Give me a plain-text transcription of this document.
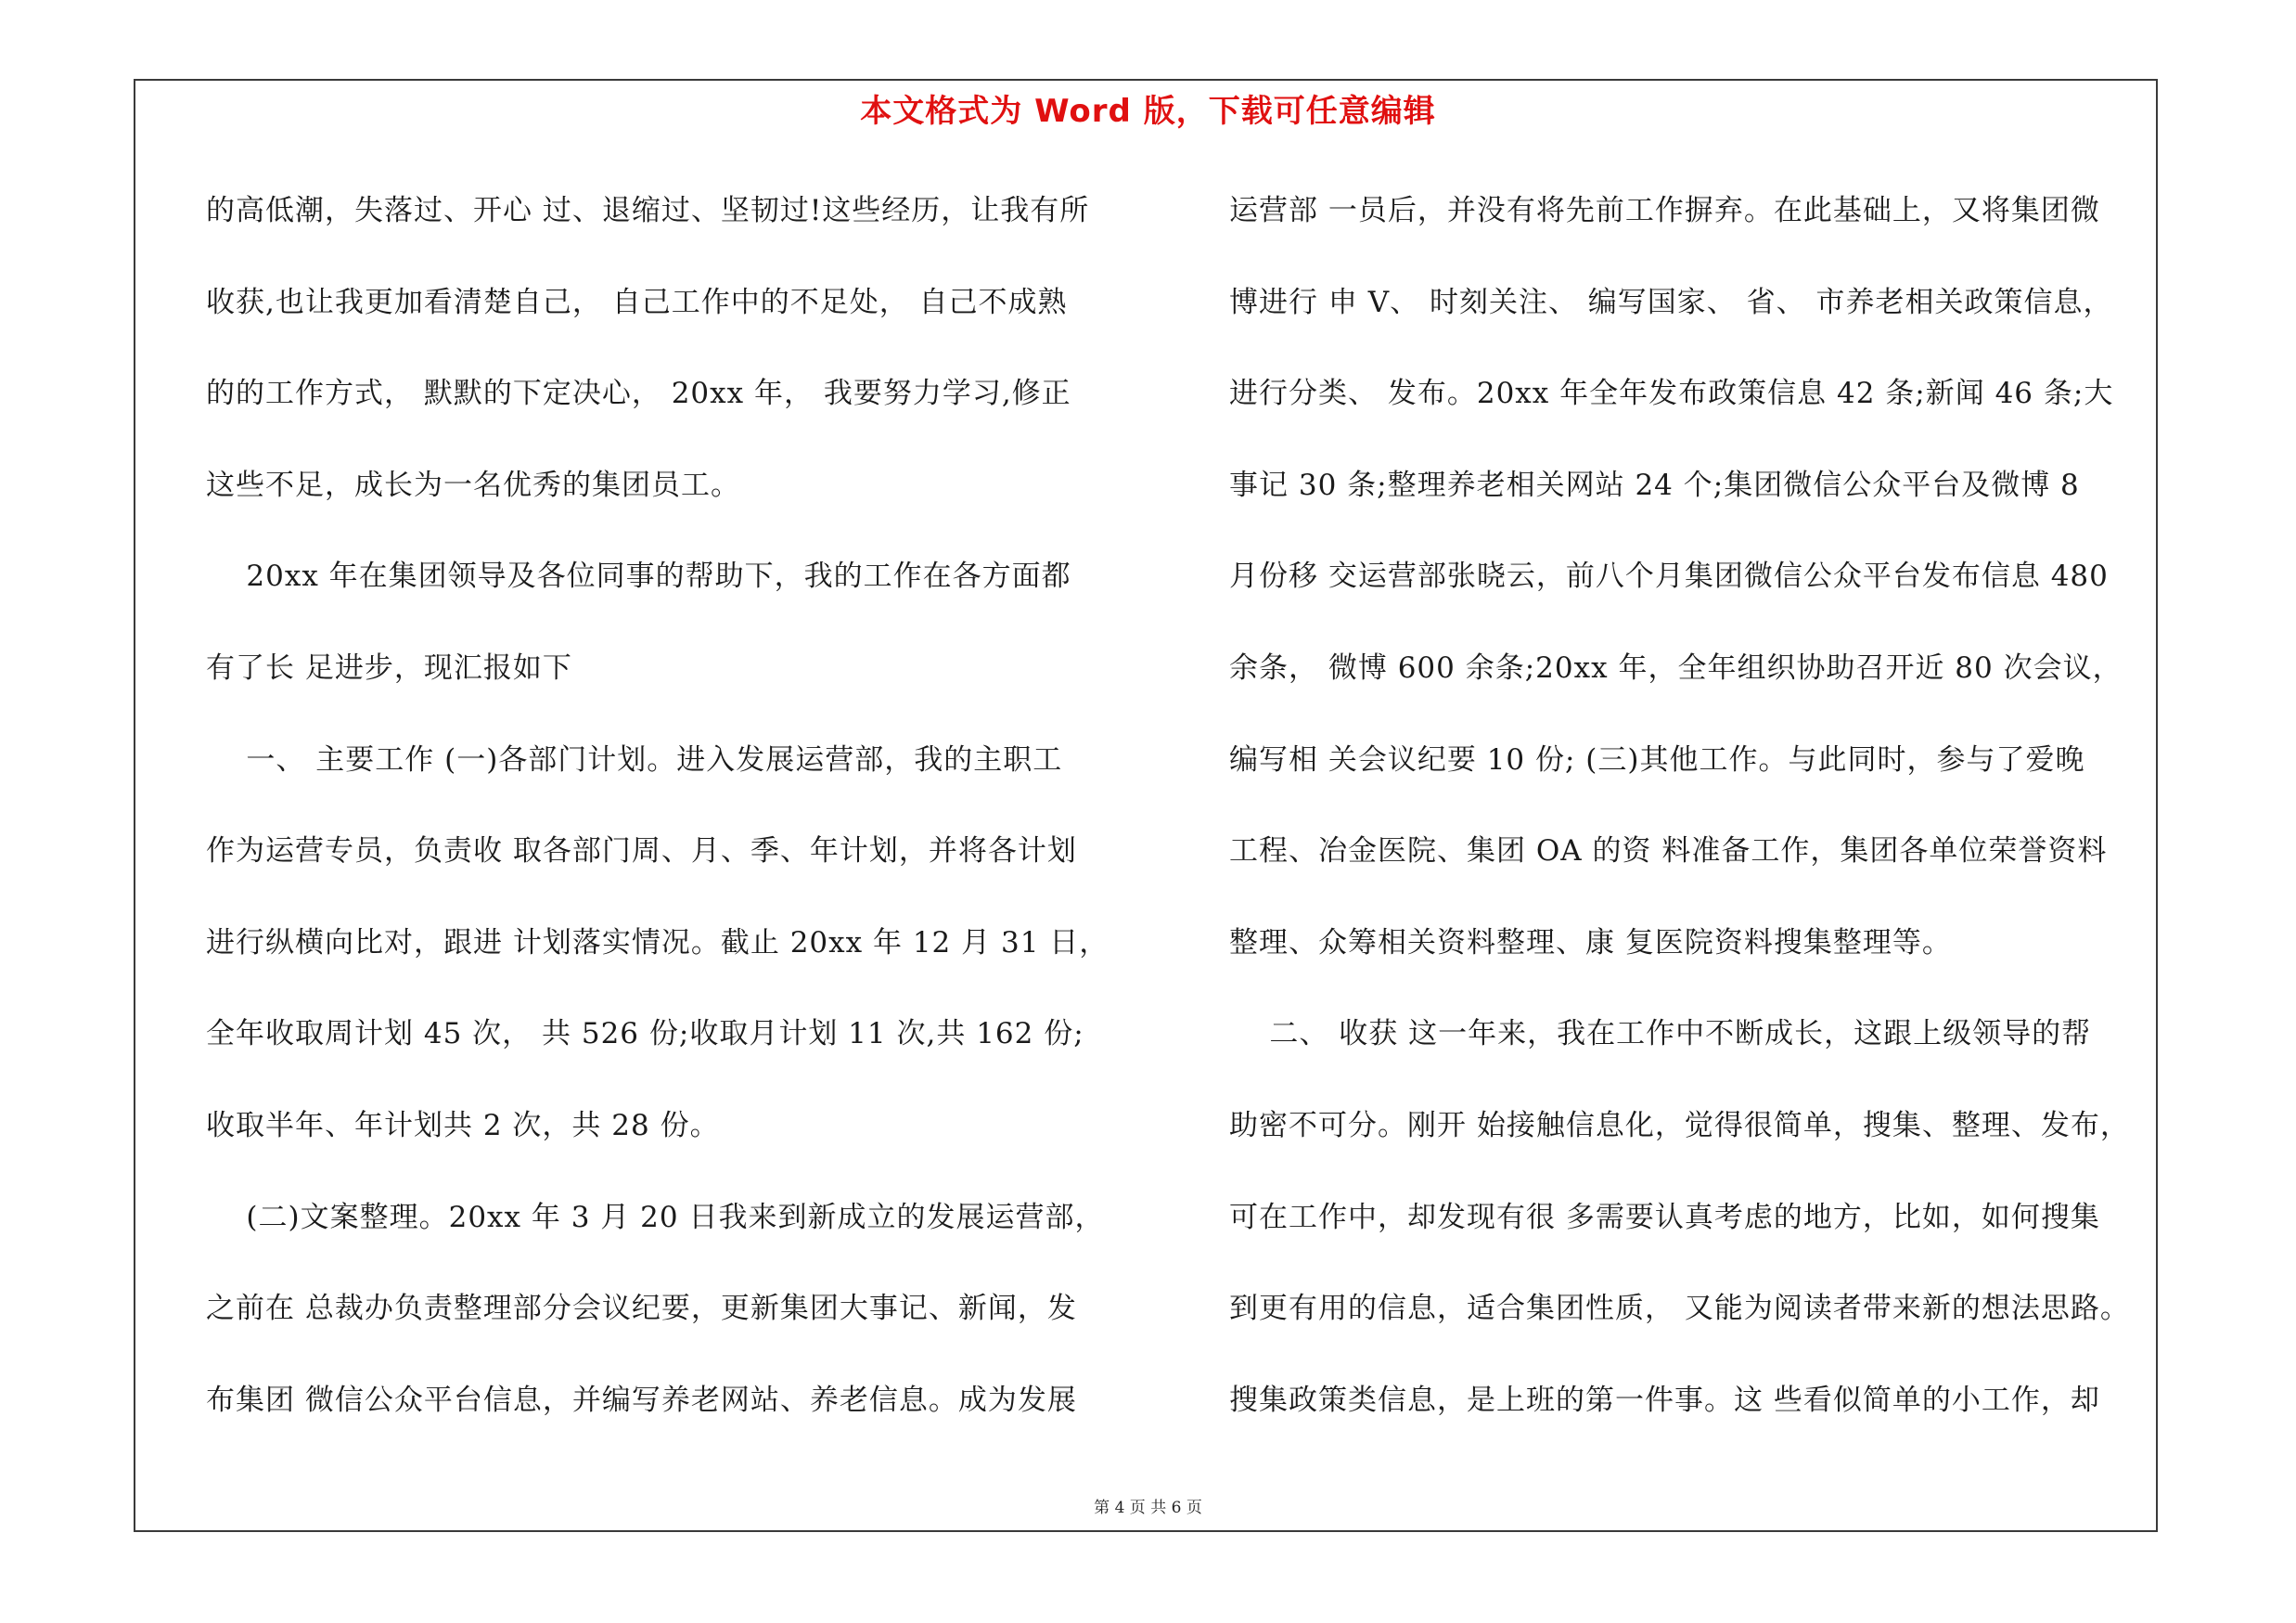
本文格式为 Word 版，下载可任意编辑
的高低潮，失落过、开心 过、退缩过、坚韧过!这些经历，让我有所
收获,也让我更加看清楚自己， 自己工作中的不足处， 自己不成熟
的的工作方式， 默默的下定决心， 20xx 年， 我要努力学习,修正
这些不足，成长为一名优秀的集团员工。
20xx 年在集团领导及各位同事的帮助下，我的工作在各方面都
有了长 足进步，现汇报如下
一、 主要工作 (一)各部门计划。进入发展运营部，我的主职工
作为运营专员，负责收 取各部门周、月、季、年计划，并将各计划
进行纵横向比对，跟进 计划落实情况。截止 20xx 年 12 月 31 日，
全年收取周计划 45 次， 共 526 份;收取月计划 11 次,共 162 份;
收取半年、年计划共 2 次，共 28 份。
(二)文案整理。20xx 年 3 月 20 日我来到新成立的发展运营部，
之前在 总裁办负责整理部分会议纪要，更新集团大事记、新闻，发
布集团 微信公众平台信息，并编写养老网站、养老信息。成为发展
运营部 一员后，并没有将先前工作摒弃。在此基础上，又将集团微
博进行 申 V、 时刻关注、 编写国家、 省、 市养老相关政策信息，
进行分类、 发布。20xx 年全年发布政策信息 42 条;新闻 46 条;大
事记 30 条;整理养老相关网站 24 个;集团微信公众平台及微博 8
月份移 交运营部张晓云，前八个月集团微信公众平台发布信息 480
余条， 微博 600 余条;20xx 年，全年组织协助召开近 80 次会议，
编写相 关会议纪要 10 份; (三)其他工作。与此同时，参与了爱晚
工程、冶金医院、集团 OA 的资 料准备工作，集团各单位荣誉资料
整理、众筹相关资料整理、康 复医院资料搜集整理等。
二、 收获 这一年来，我在工作中不断成长，这跟上级领导的帮
助密不可分。刚开 始接触信息化，觉得很简单，搜集、整理、发布，
可在工作中，却发现有很 多需要认真考虑的地方，比如，如何搜集
到更有用的信息，适合集团性质， 又能为阅读者带来新的想法思路。
搜集政策类信息，是上班的第一件事。这 些看似简单的小工作，却
第 4 页 共 6 页
